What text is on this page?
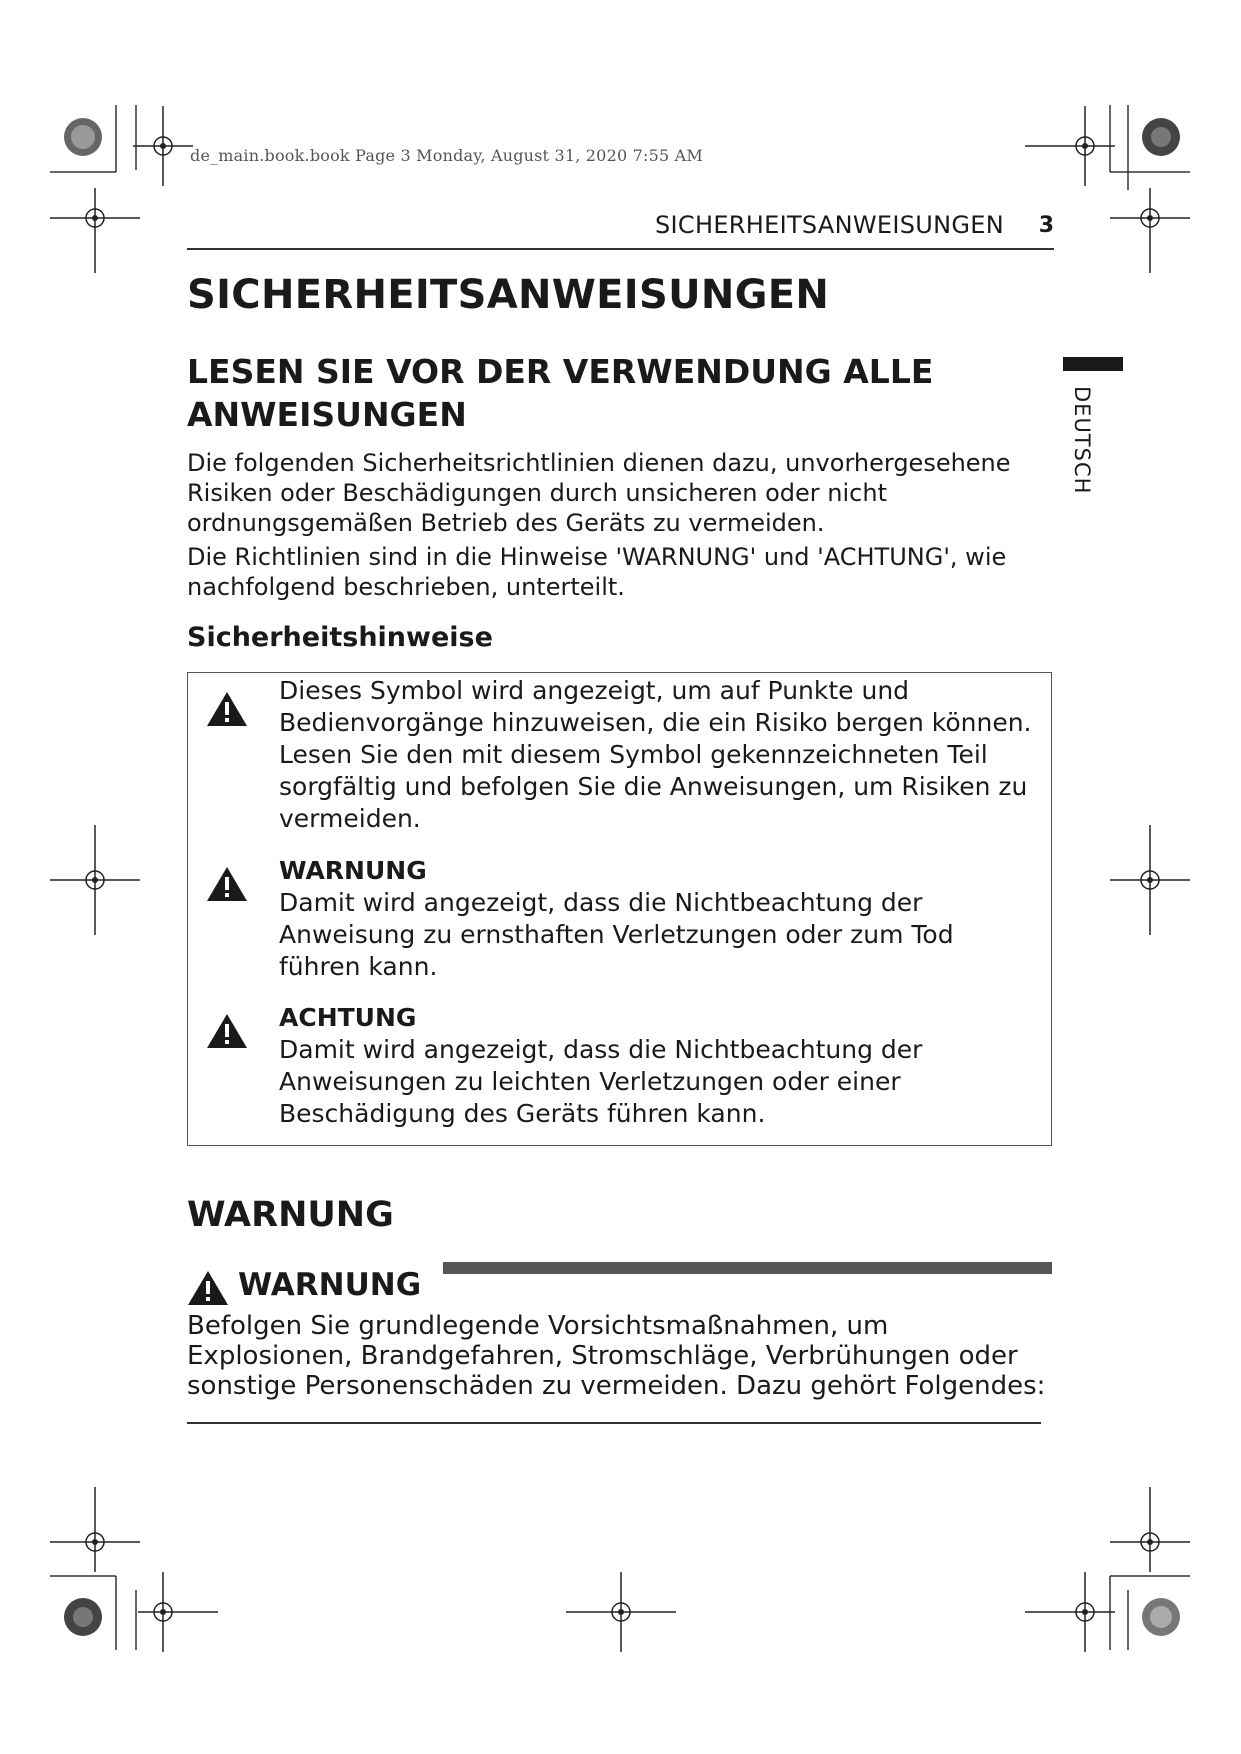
de_main.book.book Page 3 Monday, August 31, 2020 7:55 AM
SICHERHEITSANWEISUNGEN 3
DEUTSCH
SICHERHEITSANWEISUNGEN
LESEN SIE VOR DER VERWENDUNG ALLE ANWEISUNGEN
Die folgenden Sicherheitsrichtlinien dienen dazu, unvorhergesehene Risiken oder Beschädigungen durch unsicheren oder nicht ordnungsgemäßen Betrieb des Geräts zu vermeiden.
Die Richtlinien sind in die Hinweise 'WARNUNG' und 'ACHTUNG', wie nachfolgend beschrieben, unterteilt.
Sicherheitshinweise
Dieses Symbol wird angezeigt, um auf Punkte und Bedienvorgänge hinzuweisen, die ein Risiko bergen können. Lesen Sie den mit diesem Symbol gekennzeichneten Teil sorgfältig und befolgen Sie die Anweisungen, um Risiken zu vermeiden.
WARNUNG
Damit wird angezeigt, dass die Nichtbeachtung der Anweisung zu ernsthaften Verletzungen oder zum Tod führen kann.
ACHTUNG
Damit wird angezeigt, dass die Nichtbeachtung der Anweisungen zu leichten Verletzungen oder einer Beschädigung des Geräts führen kann.
WARNUNG
WARNUNG
Befolgen Sie grundlegende Vorsichtsmaßnahmen, um Explosionen, Brandgefahren, Stromschläge, Verbrühungen oder sonstige Personenschäden zu vermeiden. Dazu gehört Folgendes:
